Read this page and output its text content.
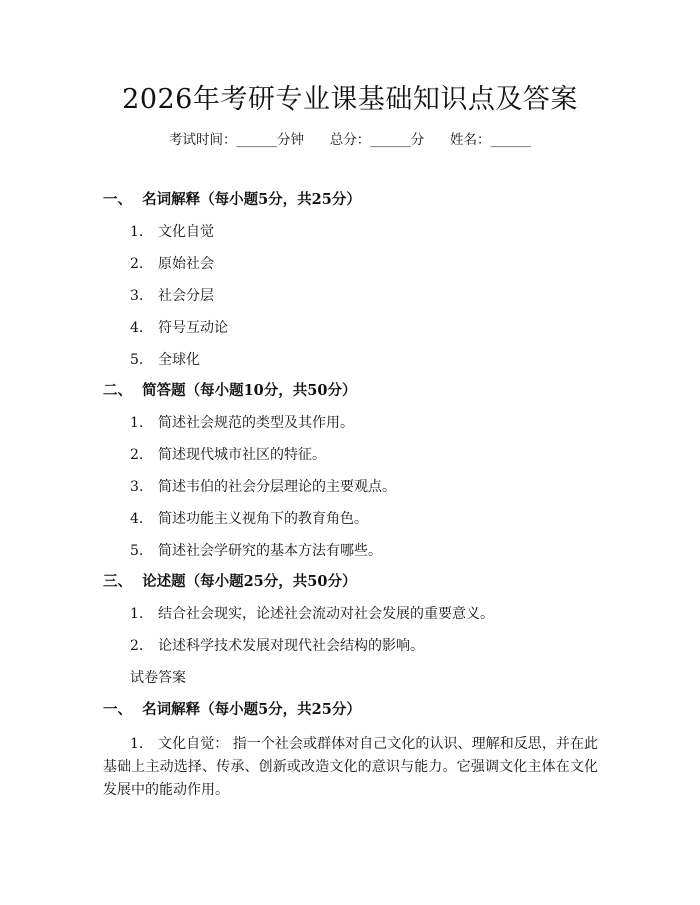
2026年考研专业课基础知识点及答案
考试时间：______分钟      总分：______分      姓名：______
一、  名词解释（每小题5分，共25分）
1. 文化自觉
2. 原始社会
3. 社会分层
4. 符号互动论
5. 全球化
二、  简答题（每小题10分，共50分）
1. 简述社会规范的类型及其作用。
2. 简述现代城市社区的特征。
3. 简述韦伯的社会分层理论的主要观点。
4. 简述功能主义视角下的教育角色。
5. 简述社会学研究的基本方法有哪些。
三、  论述题（每小题25分，共50分）
1. 结合社会现实，论述社会流动对社会发展的重要意义。
2. 论述科学技术发展对现代社会结构的影响。
试卷答案
一、  名词解释（每小题5分，共25分）
1. 文化自觉： 指一个社会或群体对自己文化的认识、理解和反思，并在此基础上主动选择、传承、创新或改造文化的意识与能力。它强调文化主体在文化发展中的能动作用。
